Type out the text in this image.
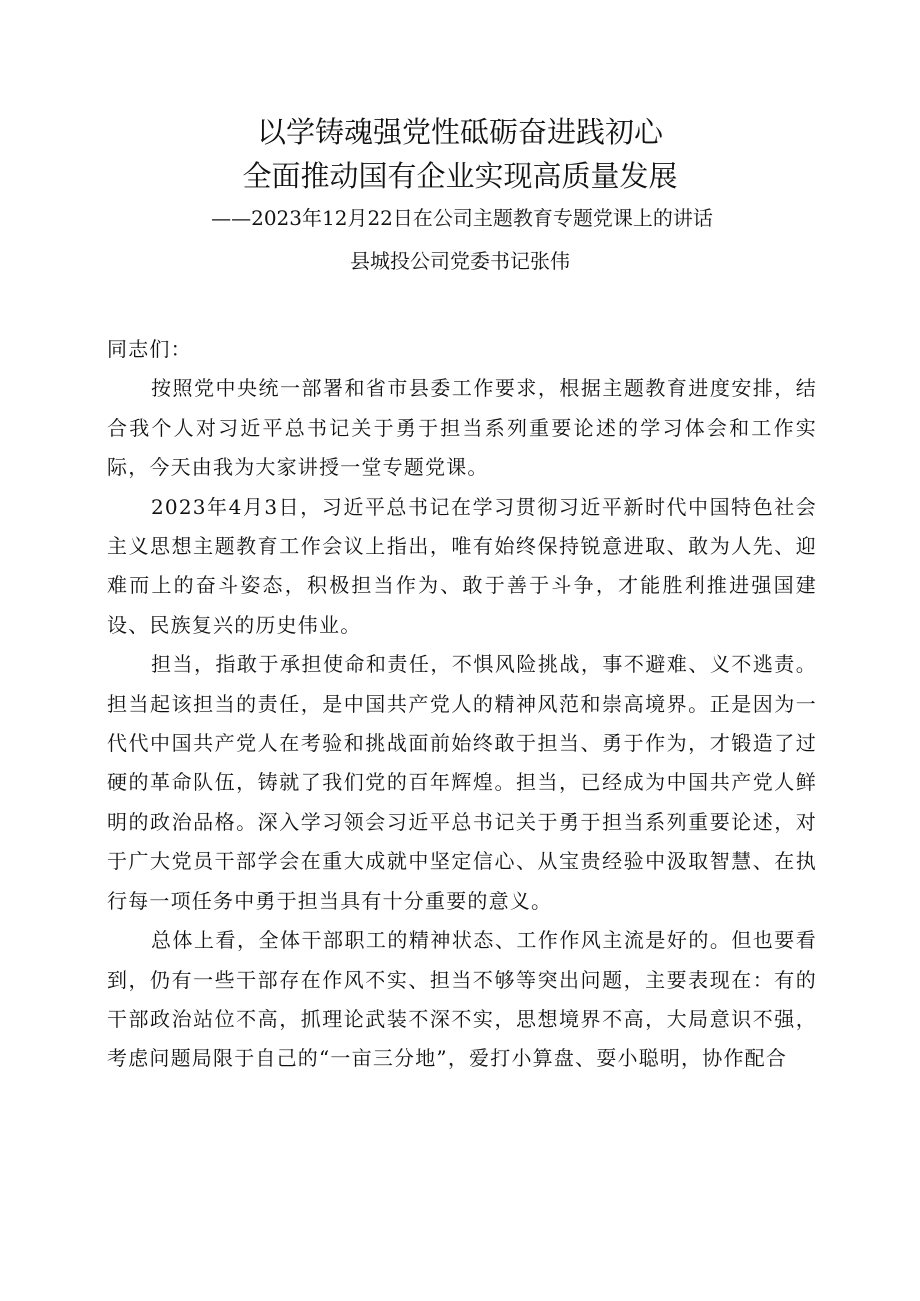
以学铸魂强党性砥砺奋进践初心
全面推动国有企业实现高质量发展
——2023年12月22日在公司主题教育专题党课上的讲话
县城投公司党委书记张伟

同志们：

按照党中央统一部署和省市县委工作要求，根据主题教育进度安排，结合我个人对习近平总书记关于勇于担当系列重要论述的学习体会和工作实际，今天由我为大家讲授一堂专题党课。

2023年4月3日，习近平总书记在学习贯彻习近平新时代中国特色社会主义思想主题教育工作会议上指出，唯有始终保持锐意进取、敢为人先、迎难而上的奋斗姿态，积极担当作为、敢于善于斗争，才能胜利推进强国建设、民族复兴的历史伟业。

担当，指敢于承担使命和责任，不惧风险挑战，事不避难、义不逃责。担当起该担当的责任，是中国共产党人的精神风范和崇高境界。正是因为一代代中国共产党人在考验和挑战面前始终敢于担当、勇于作为，才锻造了过硬的革命队伍，铸就了我们党的百年辉煌。担当，已经成为中国共产党人鲜明的政治品格。深入学习领会习近平总书记关于勇于担当系列重要论述，对于广大党员干部学会在重大成就中坚定信心、从宝贵经验中汲取智慧、在执行每一项任务中勇于担当具有十分重要的意义。

总体上看，全体干部职工的精神状态、工作作风主流是好的。但也要看到，仍有一些干部存在作风不实、担当不够等突出问题，主要表现在：有的干部政治站位不高，抓理论武装不深不实，思想境界不高，大局意识不强，考虑问题局限于自己的“一亩三分地”，爱打小算盘、耍小聪明，协作配合
